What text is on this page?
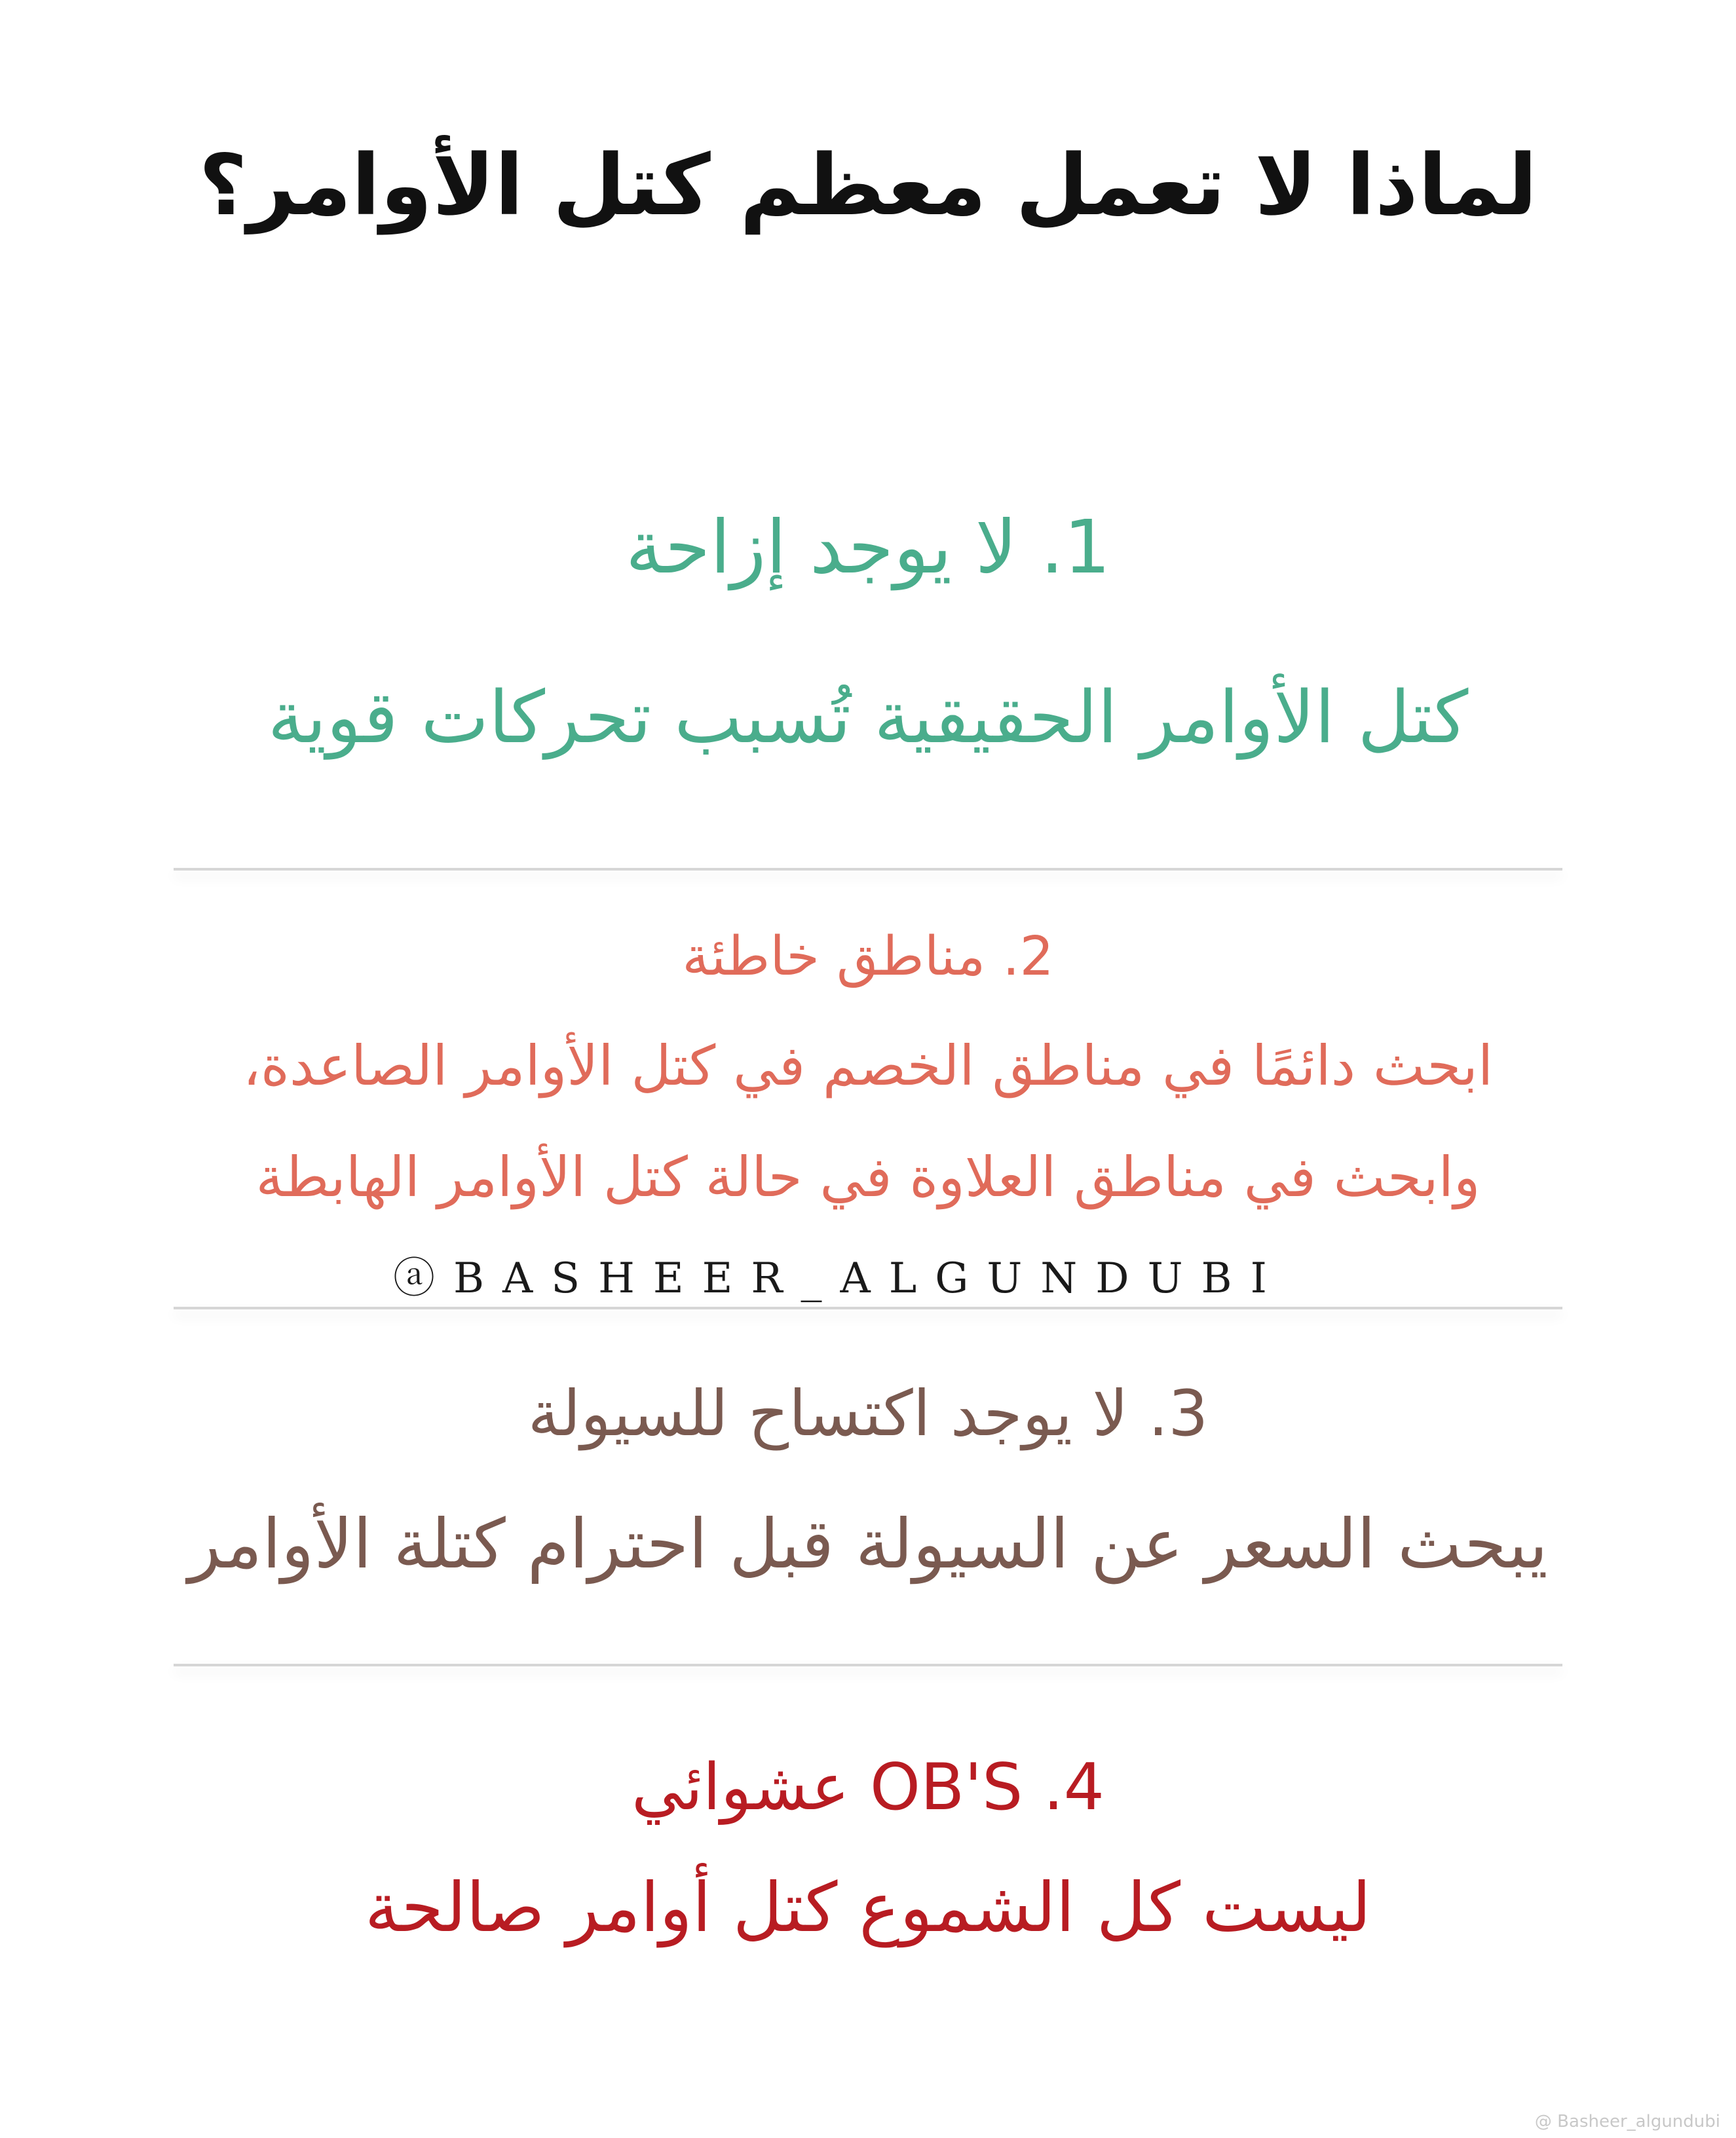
لماذا لا تعمل معظم كتل الأوامر؟
1. لا يوجد إزاحة
كتل الأوامر الحقيقية تُسبب تحركات قوية
2. مناطق خاطئة
ابحث دائمًا في مناطق الخصم في كتل الأوامر الصاعدة،
وابحث في مناطق العلاوة في حالة كتل الأوامر الهابطة
ⓐBASHEER_ALGUNDUBI
3. لا يوجد اكتساح للسيولة
يبحث السعر عن السيولة قبل احترام كتلة الأوامر
4. OB'S عشوائي
ليست كل الشموع كتل أوامر صالحة
@ Basheer_algundubi
